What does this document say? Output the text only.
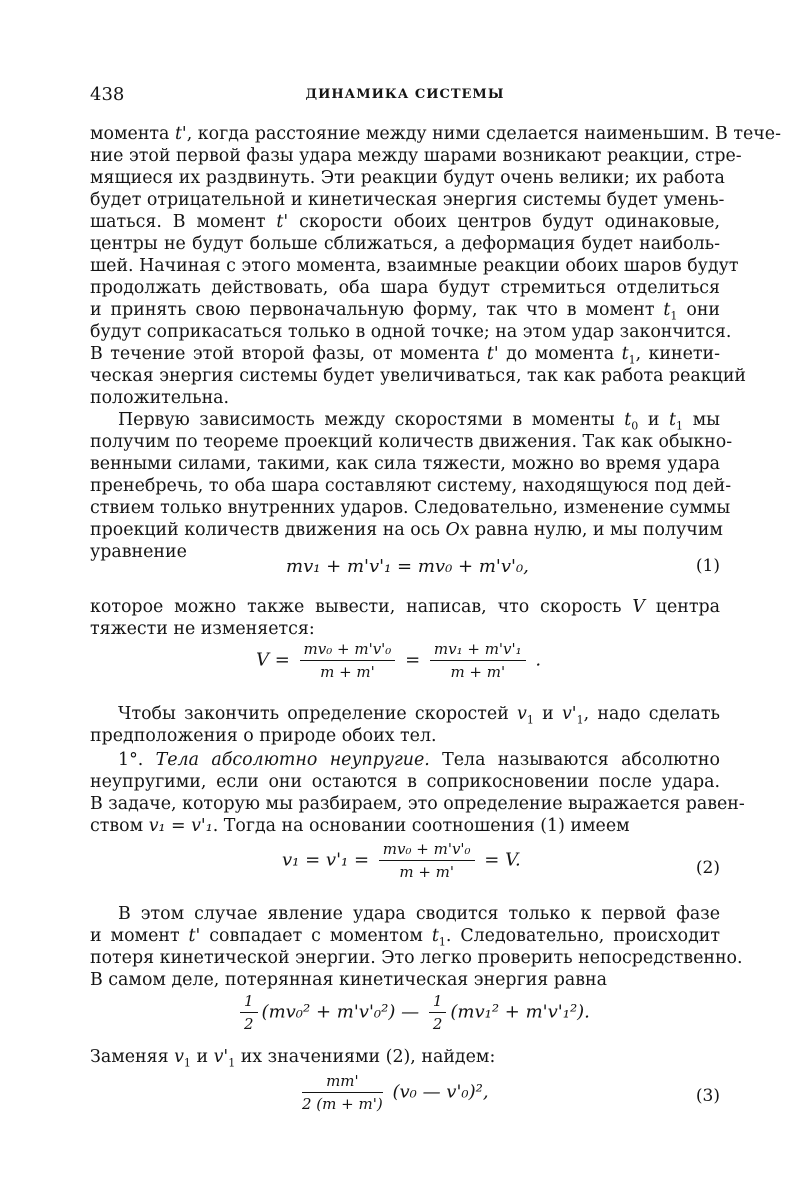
438	ДИНАМИКА СИСТЕМЫ
момента t', когда расстояние между ними сделается наименьшим. В тече-
ние этой первой фазы удара между шарами возникают реакции, стре-
мящиеся их раздвинуть. Эти реакции будут очень велики; их работа
будет отрицательной и кинетическая энергия системы будет умень-
шаться. В момент t' скорости обоих центров будут одинаковые,
центры не будут больше сближаться, а деформация будет наиболь-
шей. Начиная с этого момента, взаимные реакции обоих шаров будут
продолжать действовать, оба шара будут стремиться отделиться
и принять свою первоначальную форму, так что в момент $t_1$ они
будут соприкасаться только в одной точке; на этом удар закончится.
В течение этой второй фазы, от момента t' до момента $t_1$, кинети-
ческая энергия системы будет увеличиваться, так как работа реакций
положительна.
Первую зависимость между скоростями в моменты $t_0$ и $t_1$ мы
получим по теореме проекций количеств движения. Так как обыкно-
венными силами, такими, как сила тяжести, можно во время удара
пренебречь, то оба шара составляют систему, находящуюся под дей-
ствием только внутренних ударов. Следовательно, изменение суммы
проекций количеств движения на ось Ox равна нулю, и мы получим
уравнение
mv₁ + m'v'₁ = mv₀ + m'v'₀,	(1)
которое можно также вывести, написав, что скорость V центра
тяжести не изменяется:
$V = \frac{\text{mv₀ + m'v'₀}}{m + m'} = \frac{\text{mv₁ + m'v'₁}}{m + m'}$ .
Чтобы закончить определение скоростей $v_1$ и $v'_1$, надо сделать
предположения о природе обоих тел.
1°. Тела абсолютно неупругие. Тела называются абсолютно
неупругими, если они остаются в соприкосновении после удара.
В задаче, которую мы разбираем, это определение выражается равен-
ством v₁ = v'₁. Тогда на основании соотношения (1) имеем
$v_1 = v'_1 = \frac{\text{mv₀ + m'v'₀}}{m + m'} = V$.	(2)
В этом случае явление удара сводится только к первой фазе
и момент t' совпадает с моментом $t_1$. Следовательно, происходит
потеря кинетической энергии. Это легко проверить непосредственно.
В самом деле, потерянная кинетическая энергия равна
$\frac{1}{2} (mv_0^2 + m'v'_0^2)$ — $\frac{1}{2} (mv_1^2 + m'v'_1^2)$.
Заменяя $v_1$ и $v'_1$ их значениями (2), найдем:
$\frac{mm'}{2 (m + m')} (v_0$ — v'₀)²,	(3)
